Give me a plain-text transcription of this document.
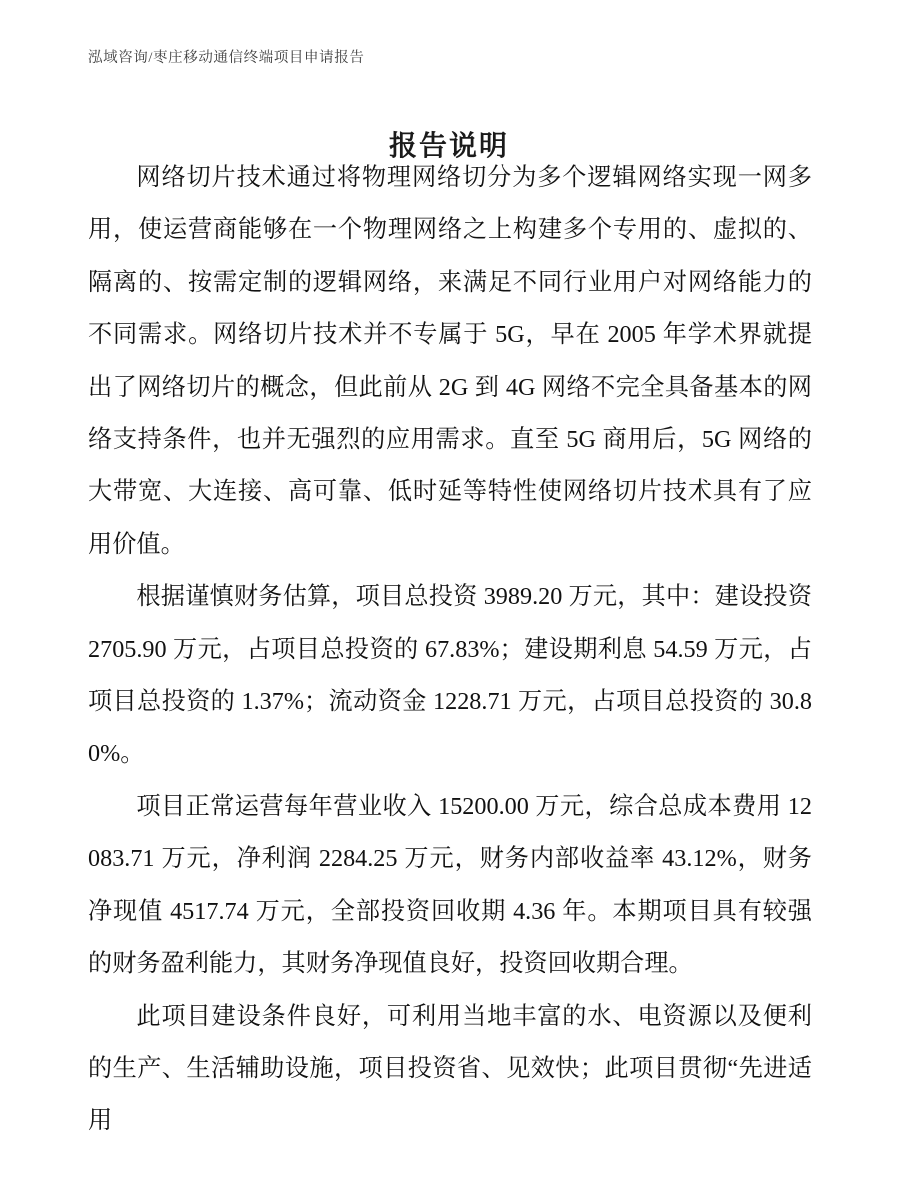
泓域咨询/枣庄移动通信终端项目申请报告
报告说明

网络切片技术通过将物理网络切分为多个逻辑网络实现一网多用，使运营商能够在一个物理网络之上构建多个专用的、虚拟的、隔离的、按需定制的逻辑网络，来满足不同行业用户对网络能力的不同需求。网络切片技术并不专属于 5G，早在 2005 年学术界就提出了网络切片的概念，但此前从 2G 到 4G 网络不完全具备基本的网络支持条件，也并无强烈的应用需求。直至 5G 商用后，5G 网络的大带宽、大连接、高可靠、低时延等特性使网络切片技术具有了应用价值。

根据谨慎财务估算，项目总投资 3989.20 万元，其中：建设投资 2705.90 万元，占项目总投资的 67.83%；建设期利息 54.59 万元，占项目总投资的 1.37%；流动资金 1228.71 万元，占项目总投资的 30.80%。

项目正常运营每年营业收入 15200.00 万元，综合总成本费用 12083.71 万元，净利润 2284.25 万元，财务内部收益率 43.12%，财务净现值 4517.74 万元，全部投资回收期 4.36 年。本期项目具有较强的财务盈利能力，其财务净现值良好，投资回收期合理。

此项目建设条件良好，可利用当地丰富的水、电资源以及便利的生产、生活辅助设施，项目投资省、见效快；此项目贯彻“先进适用
